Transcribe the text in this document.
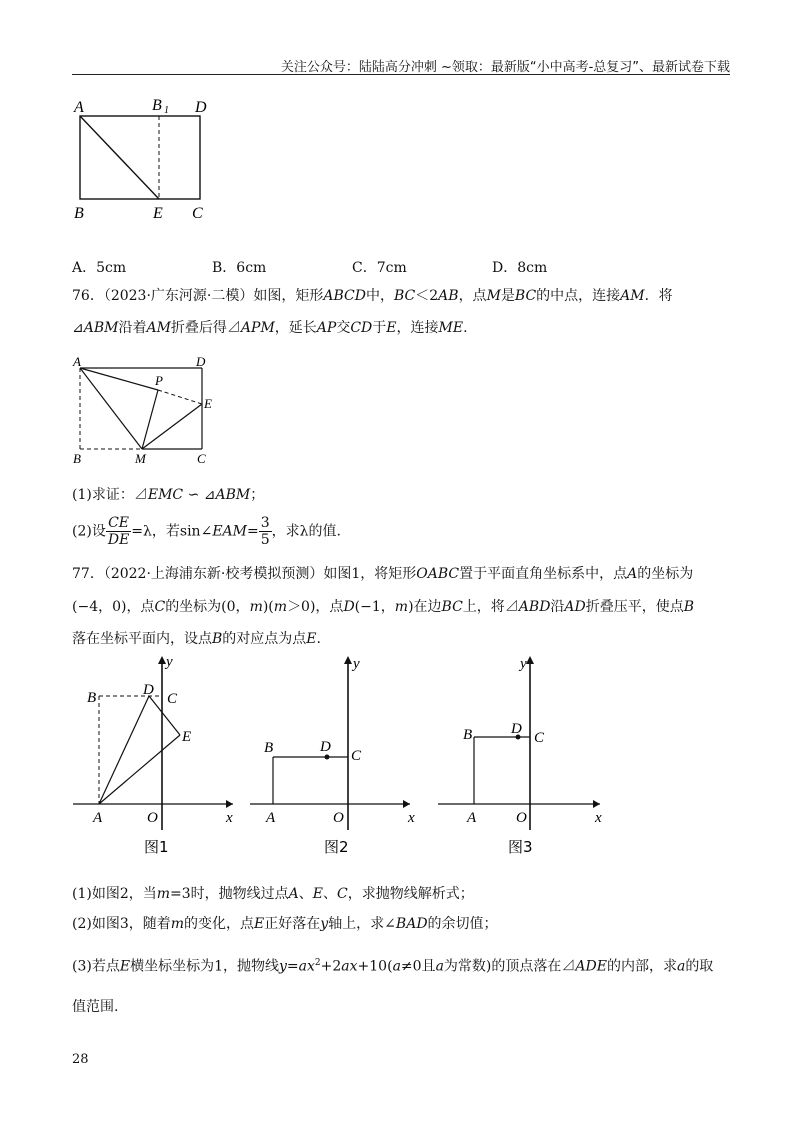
关注公众号：陆陆高分冲刺 ~领取：最新版“小中高考-总复习”、最新试卷下载
A	B 1 D
B	E C
A．5cm	B．6cm	C．7cm	D．8cm
76．（2023·广东河源·二模）如图，矩形ABCD中，BC＜2AB，点M是BC的中点，连接AM．将
⊿ABM沿着AM折叠后得⊿APM，延长AP交CD于E，连接ME.
A	D
P
E
B	M	C
(1)求证：⊿EMC ∽ ⊿ABM；
(2)设 $\frac{CE}{DE} =\lambda$，若sin∠EAM= $\frac{3}{5}$ ，求λ的值.
77．（2022·上海浦东新·校考模拟预测）如图1，将矩形OABC置于平面直角坐标系中，点A的坐标为
(−4，0)，点C的坐标为(0，m)(m＞0)，点D(−1，m)在边BC上，将⊿ABD沿AD折叠压平，使点B
落在坐标平面内，设点B的对应点为点E.
y
B	D
C
E
A	O	x
图1
y
B	D
C
A	O	x
图2
y
B	D
C
A	O	x
图3
(1)如图2，当m=3时，抛物线过点A、E、C，求抛物线解析式；
(2)如图3，随着m的变化，点E正好落在y轴上，求∠BAD的余切值；
(3)若点E横坐标坐标为1，抛物线$y=ax^2+2ax+10(a\ne 0$且a为常数)的顶点落在⊿ADE的内部，求a的取
值范围.
28
